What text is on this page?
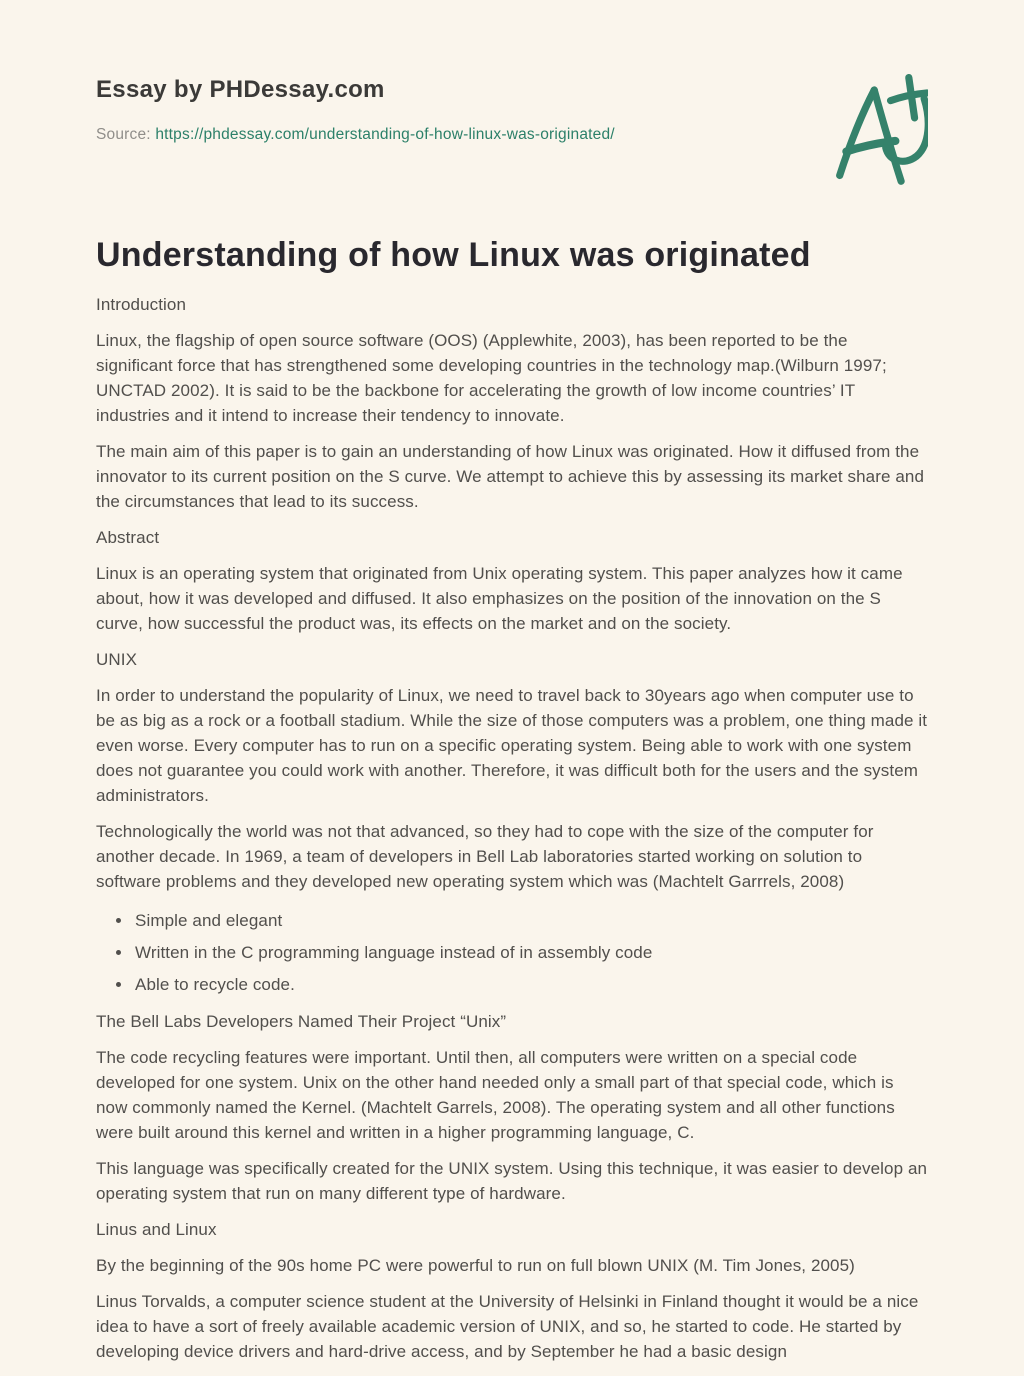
Essay by PHDessay.com
Source: https://phdessay.com/understanding-of-how-linux-was-originated/
Understanding of how Linux was originated

Introduction

Linux, the flagship of open source software (OOS) (Applewhite, 2003), has been reported to be the significant force that has strengthened some developing countries in the technology map.(Wilburn 1997; UNCTAD 2002). It is said to be the backbone for accelerating the growth of low income countries’ IT industries and it intend to increase their tendency to innovate.

The main aim of this paper is to gain an understanding of how Linux was originated. How it diffused from the innovator to its current position on the S curve. We attempt to achieve this by assessing its market share and the circumstances that lead to its success.

Abstract

Linux is an operating system that originated from Unix operating system. This paper analyzes how it came about, how it was developed and diffused. It also emphasizes on the position of the innovation on the S curve, how successful the product was, its effects on the market and on the society.

UNIX

In order to understand the popularity of Linux, we need to travel back to 30years ago when computer use to be as big as a rock or a football stadium. While the size of those computers was a problem, one thing made it even worse. Every computer has to run on a specific operating system. Being able to work with one system does not guarantee you could work with another. Therefore, it was difficult both for the users and the system administrators.

Technologically the world was not that advanced, so they had to cope with the size of the computer for another decade. In 1969, a team of developers in Bell Lab laboratories started working on solution to software problems and they developed new operating system which was (Machtelt Garrrels, 2008)

• Simple and elegant
• Written in the C programming language instead of in assembly code
• Able to recycle code.

The Bell Labs Developers Named Their Project “Unix”

The code recycling features were important. Until then, all computers were written on a special code developed for one system. Unix on the other hand needed only a small part of that special code, which is now commonly named the Kernel. (Machtelt Garrels, 2008). The operating system and all other functions were built around this kernel and written in a higher programming language, C.

This language was specifically created for the UNIX system. Using this technique, it was easier to develop an operating system that run on many different type of hardware.

Linus and Linux

By the beginning of the 90s home PC were powerful to run on full blown UNIX (M. Tim Jones, 2005)

Linus Torvalds, a computer science student at the University of Helsinki in Finland thought it would be a nice idea to have a sort of freely available academic version of UNIX, and so, he started to code. He started by developing device drivers and hard-drive access, and by September he had a basic design
